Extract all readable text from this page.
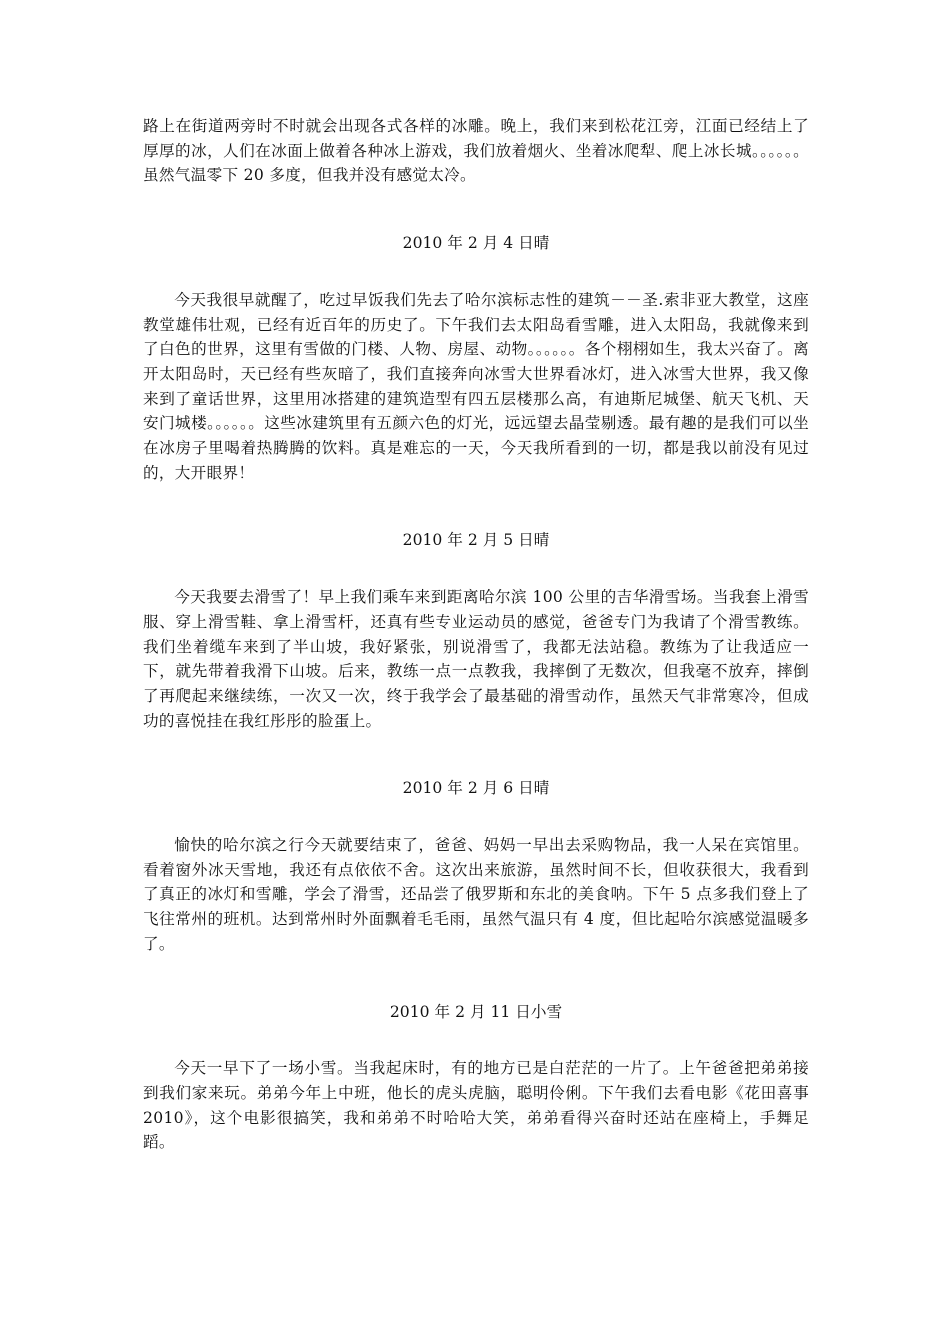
路上在街道两旁时不时就会出现各式各样的冰雕。晚上，我们来到松花江旁，江面已经结上了厚厚的冰，人们在冰面上做着各种冰上游戏，我们放着烟火、坐着冰爬犁、爬上冰长城。。。。。。虽然气温零下 20 多度，但我并没有感觉太冷。

2010 年 2 月 4 日晴

今天我很早就醒了，吃过早饭我们先去了哈尔滨标志性的建筑－－圣.索非亚大教堂，这座教堂雄伟壮观，已经有近百年的历史了。下午我们去太阳岛看雪雕，进入太阳岛，我就像来到了白色的世界，这里有雪做的门楼、人物、房屋、动物。。。。。。各个栩栩如生，我太兴奋了。离开太阳岛时，天已经有些灰暗了，我们直接奔向冰雪大世界看冰灯，进入冰雪大世界，我又像来到了童话世界，这里用冰搭建的建筑造型有四五层楼那么高，有迪斯尼城堡、航天飞机、天安门城楼。。。。。。这些冰建筑里有五颜六色的灯光，远远望去晶莹剔透。最有趣的是我们可以坐在冰房子里喝着热腾腾的饮料。真是难忘的一天，今天我所看到的一切，都是我以前没有见过的，大开眼界！

2010 年 2 月 5 日晴

今天我要去滑雪了！早上我们乘车来到距离哈尔滨 100 公里的吉华滑雪场。当我套上滑雪服、穿上滑雪鞋、拿上滑雪杆，还真有些专业运动员的感觉，爸爸专门为我请了个滑雪教练。我们坐着缆车来到了半山坡，我好紧张，别说滑雪了，我都无法站稳。教练为了让我适应一下，就先带着我滑下山坡。后来，教练一点一点教我，我摔倒了无数次，但我毫不放弃，摔倒了再爬起来继续练，一次又一次，终于我学会了最基础的滑雪动作，虽然天气非常寒冷，但成功的喜悦挂在我红彤彤的脸蛋上。

2010 年 2 月 6 日晴

愉快的哈尔滨之行今天就要结束了，爸爸、妈妈一早出去采购物品，我一人呆在宾馆里。看着窗外冰天雪地，我还有点依依不舍。这次出来旅游，虽然时间不长，但收获很大，我看到了真正的冰灯和雪雕，学会了滑雪，还品尝了俄罗斯和东北的美食呐。下午 5 点多我们登上了飞往常州的班机。达到常州时外面飘着毛毛雨，虽然气温只有 4 度，但比起哈尔滨感觉温暖多了。

2010 年 2 月 11 日小雪

今天一早下了一场小雪。当我起床时，有的地方已是白茫茫的一片了。上午爸爸把弟弟接到我们家来玩。弟弟今年上中班，他长的虎头虎脑，聪明伶俐。下午我们去看电影《花田喜事 2010》，这个电影很搞笑，我和弟弟不时哈哈大笑，弟弟看得兴奋时还站在座椅上，手舞足蹈。
